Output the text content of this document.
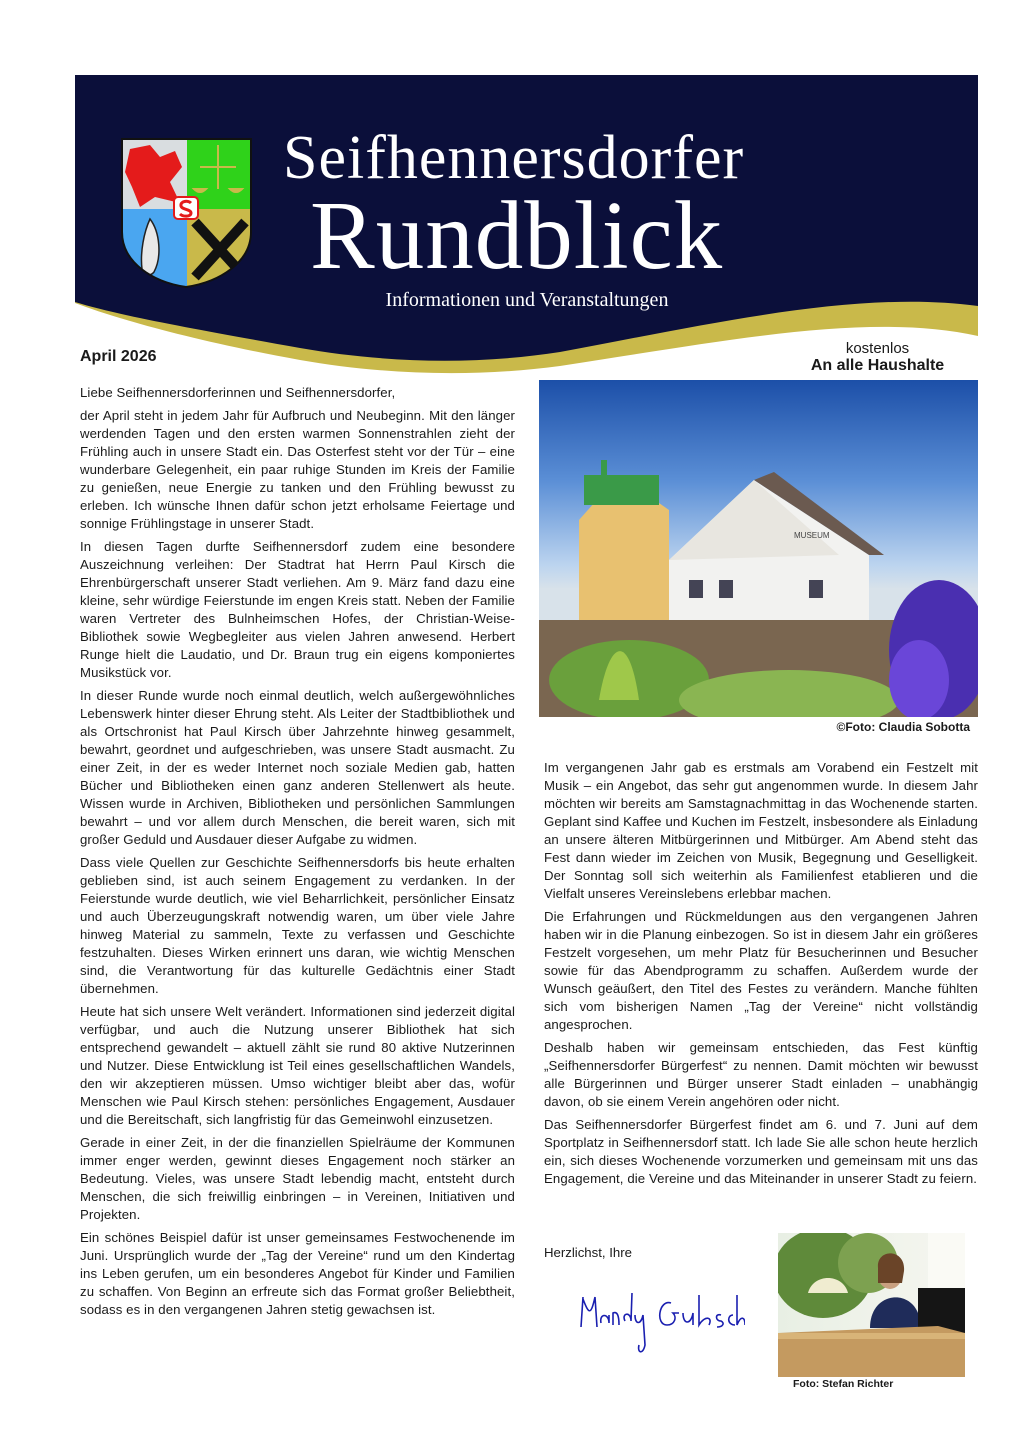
Seifhennersdorfer
Rundblick
Informationen und Veranstaltungen
April 2026	kostenlos
An alle Haushalte

Liebe Seifhennersdorferinnen und Seifhennersdorfer,

der April steht in jedem Jahr für Aufbruch und Neubeginn. Mit den länger werdenden Tagen und den ersten warmen Sonnenstrahlen zieht der Frühling auch in unsere Stadt ein. Das Osterfest steht vor der Tür – eine wunderbare Gelegenheit, ein paar ruhige Stunden im Kreis der Familie zu genießen, neue Energie zu tanken und den Frühling bewusst zu erleben. Ich wünsche Ihnen dafür schon jetzt erholsame Feiertage und sonnige Frühlingstage in unserer Stadt.

In diesen Tagen durfte Seifhennersdorf zudem eine besondere Auszeichnung verleihen: Der Stadtrat hat Herrn Paul Kirsch die Ehrenbürgerschaft unserer Stadt verliehen. Am 9. März fand dazu eine kleine, sehr würdige Feierstunde im engen Kreis statt. Neben der Familie waren Vertreter des Bulnheimschen Hofes, der Christian-Weise-Bibliothek sowie Wegbegleiter aus vielen Jahren anwesend. Herbert Runge hielt die Laudatio, und Dr. Braun trug ein eigens komponiertes Musikstück vor.

In dieser Runde wurde noch einmal deutlich, welch außergewöhnliches Lebenswerk hinter dieser Ehrung steht. Als Leiter der Stadtbibliothek und als Ortschronist hat Paul Kirsch über Jahrzehnte hinweg gesammelt, bewahrt, geordnet und aufgeschrieben, was unsere Stadt ausmacht. Zu einer Zeit, in der es weder Internet noch soziale Medien gab, hatten Bücher und Bibliotheken einen ganz anderen Stellenwert als heute. Wissen wurde in Archiven, Bibliotheken und persönlichen Sammlungen bewahrt – und vor allem durch Menschen, die bereit waren, sich mit großer Geduld und Ausdauer dieser Aufgabe zu widmen.

Dass viele Quellen zur Geschichte Seifhennersdorfs bis heute erhalten geblieben sind, ist auch seinem Engagement zu verdanken. In der Feierstunde wurde deutlich, wie viel Beharrlichkeit, persönlicher Einsatz und auch Überzeugungskraft notwendig waren, um über viele Jahre hinweg Material zu sammeln, Texte zu verfassen und Geschichte festzuhalten. Dieses Wirken erinnert uns daran, wie wichtig Menschen sind, die Verantwortung für das kulturelle Gedächtnis einer Stadt übernehmen.

Heute hat sich unsere Welt verändert. Informationen sind jederzeit digital verfügbar, und auch die Nutzung unserer Bibliothek hat sich entsprechend gewandelt – aktuell zählt sie rund 80 aktive Nutzerinnen und Nutzer. Diese Entwicklung ist Teil eines gesellschaftlichen Wandels, den wir akzeptieren müssen. Umso wichtiger bleibt aber das, wofür Menschen wie Paul Kirsch stehen: persönliches Engagement, Ausdauer und die Bereitschaft, sich langfristig für das Gemeinwohl einzusetzen.

Gerade in einer Zeit, in der die finanziellen Spielräume der Kommunen immer enger werden, gewinnt dieses Engagement noch stärker an Bedeutung. Vieles, was unsere Stadt lebendig macht, entsteht durch Menschen, die sich freiwillig einbringen – in Vereinen, Initiativen und Projekten.

Ein schönes Beispiel dafür ist unser gemeinsames Festwochenende im Juni. Ursprünglich wurde der „Tag der Vereine“ rund um den Kindertag ins Leben gerufen, um ein besonderes Angebot für Kinder und Familien zu schaffen. Von Beginn an erfreute sich das Format großer Beliebtheit, sodass es in den vergangenen Jahren stetig gewachsen ist.

MUSEUM
©Foto: Claudia Sobotta

Im vergangenen Jahr gab es erstmals am Vorabend ein Festzelt mit Musik – ein Angebot, das sehr gut angenommen wurde. In diesem Jahr möchten wir bereits am Samstagnachmittag in das Wochenende starten. Geplant sind Kaffee und Kuchen im Festzelt, insbesondere als Einladung an unsere älteren Mitbürgerinnen und Mitbürger. Am Abend steht das Fest dann wieder im Zeichen von Musik, Begegnung und Geselligkeit. Der Sonntag soll sich weiterhin als Familienfest etablieren und die Vielfalt unseres Vereinslebens erlebbar machen.

Die Erfahrungen und Rückmeldungen aus den vergangenen Jahren haben wir in die Planung einbezogen. So ist in diesem Jahr ein größeres Festzelt vorgesehen, um mehr Platz für Besucherinnen und Besucher sowie für das Abendprogramm zu schaffen. Außerdem wurde der Wunsch geäußert, den Titel des Festes zu verändern. Manche fühlten sich vom bisherigen Namen „Tag der Vereine“ nicht vollständig angesprochen.

Deshalb haben wir gemeinsam entschieden, das Fest künftig „Seifhennersdorfer Bürgerfest“ zu nennen. Damit möchten wir bewusst alle Bürgerinnen und Bürger unserer Stadt einladen – unabhängig davon, ob sie einem Verein angehören oder nicht.

Das Seifhennersdorfer Bürgerfest findet am 6. und 7. Juni auf dem Sportplatz in Seifhennersdorf statt. Ich lade Sie alle schon heute herzlich ein, sich dieses Wochenende vorzumerken und gemeinsam mit uns das Engagement, die Vereine und das Miteinander in unserer Stadt zu feiern.

Herzlichst, Ihre
Foto: Stefan Richter
